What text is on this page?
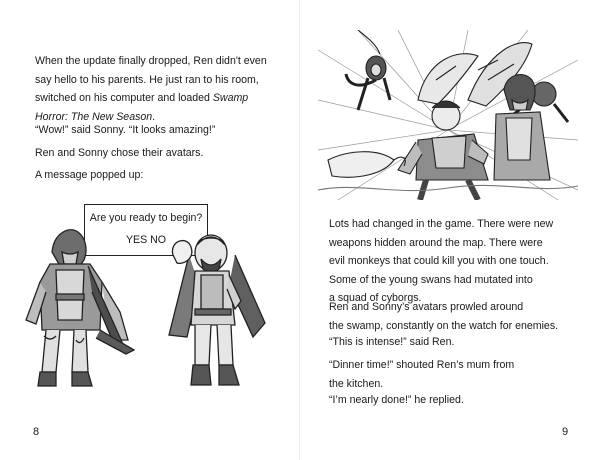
When the update finally dropped, Ren didn't even
say hello to his parents. He just ran to his room,
switched on his computer and loaded Swamp
Horror: The New Season.

“Wow!” said Sonny. “It looks amazing!”

Ren and Sonny chose their avatars.

A message popped up:

Are you ready to begin?
YES NO
8

Lots had changed in the game. There were new
weapons hidden around the map. There were
evil monkeys that could kill you with one touch.
Some of the young swans had mutated into
a squad of cyborgs.

Ren and Sonny’s avatars prowled around
the swamp, constantly on the watch for enemies.

“This is intense!” said Ren.

“Dinner time!” shouted Ren’s mum from
the kitchen.

“I’m nearly done!” he replied.

9
